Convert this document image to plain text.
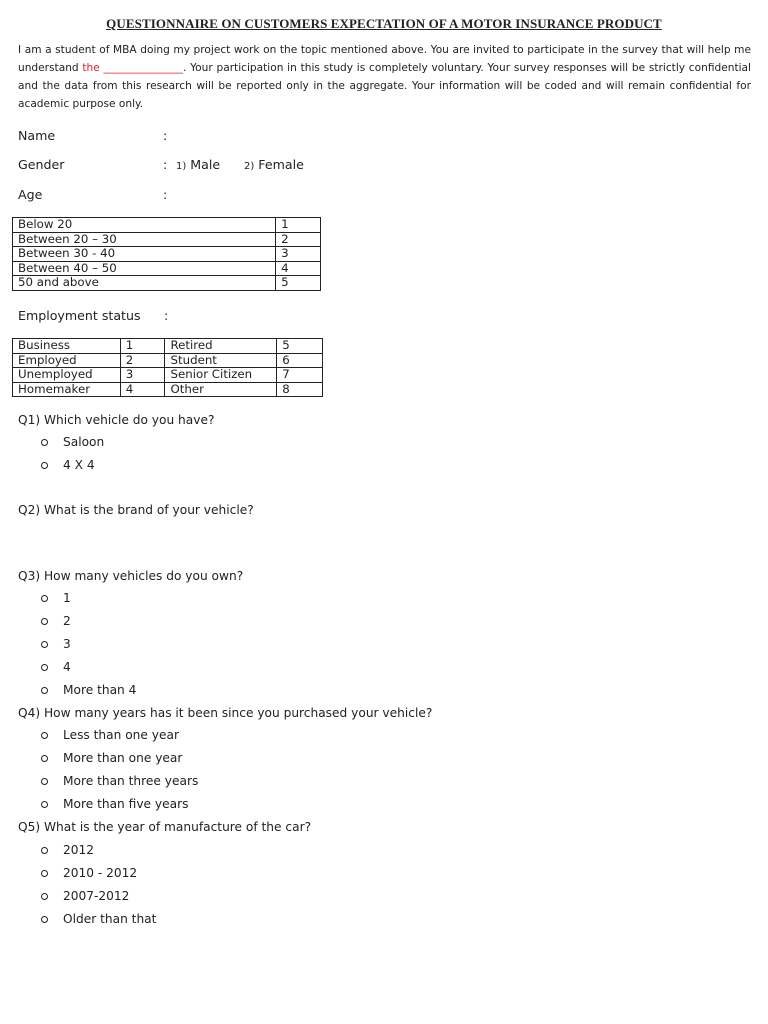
QUESTIONNAIRE ON CUSTOMERS EXPECTATION OF A MOTOR INSURANCE PRODUCT
I am a student of MBA doing my project work on the topic mentioned above. You are invited to participate in the survey that will help me understand the _______________. Your participation in this study is completely voluntary. Your survey responses will be strictly confidential and the data from this research will be reported only in the aggregate. Your information will be coded and will remain confidential for academic purpose only.
Name	:
Gender	: 1) Male 2) Female
Age	:
Below 20	1
Between 20 – 30	2
Between 30 - 40	3
Between 40 – 50	4
50 and above	5
Employment status :
Business	1	Retired	5
Employed	2	Student	6
Unemployed	3	Senior Citizen	7
Homemaker	4	Other	8
Q1) Which vehicle do you have?
Saloon
4 X 4
Q2) What is the brand of your vehicle?
Q3) How many vehicles do you own?
1
2
3
4
More than 4
Q4) How many years has it been since you purchased your vehicle?
Less than one year
More than one year
More than three years
More than five years
Q5) What is the year of manufacture of the car?
2012
2010 - 2012
2007-2012
Older than that
